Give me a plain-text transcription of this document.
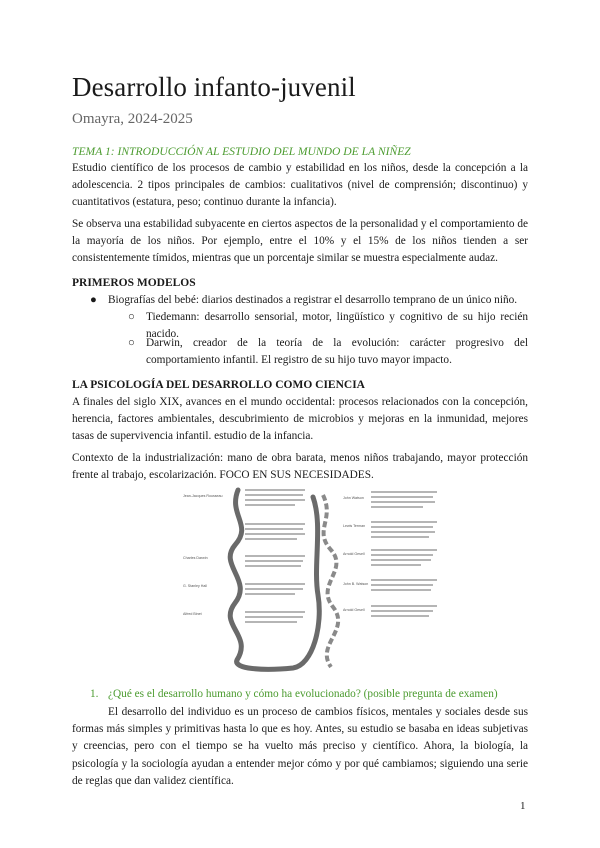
Desarrollo infanto-juvenil
Omayra, 2024-2025
TEMA 1: INTRODUCCIÓN AL ESTUDIO DEL MUNDO DE LA NIÑEZ

Estudio científico de los procesos de cambio y estabilidad en los niños, desde la concepción a la adolescencia. 2 tipos principales de cambios: cualitativos (nivel de comprensión; discontinuo) y cuantitativos (estatura, peso; continuo durante la infancia).

Se observa una estabilidad subyacente en ciertos aspectos de la personalidad y el comportamiento de la mayoría de los niños. Por ejemplo, entre el 10% y el 15% de los niños tienden a ser consistentemente tímidos, mientras que un porcentaje similar se muestra especialmente audaz.

PRIMEROS MODELOS
● Biografías del bebé: diarios destinados a registrar el desarrollo temprano de un único niño.
○ Tiedemann: desarrollo sensorial, motor, lingüístico y cognitivo de su hijo recién nacido.
○ Darwin, creador de la teoría de la evolución: carácter progresivo del comportamiento infantil. El registro de su hijo tuvo mayor impacto.
LA PSICOLOGÍA DEL DESARROLLO COMO CIENCIA

A finales del siglo XIX, avances en el mundo occidental: procesos relacionados con la concepción, herencia, factores ambientales, descubrimiento de microbios y mejoras en la inmunidad, mejores tasas de supervivencia infantil. estudio de la infancia.

Contexto de la industrialización: mano de obra barata, menos niños trabajando, mayor protección frente al trabajo, escolarización. FOCO EN SUS NECESIDADES.

Jean-Jacques Rousseau
Charles Darwin
G. Stanley Hall
Alfred Binet
John Watson
Lewis Terman
Arnold Gesell
John B. Watson
Arnold Gesell
1. ¿Qué es el desarrollo humano y cómo ha evolucionado? (posible pregunta de examen)

El desarrollo del individuo es un proceso de cambios físicos, mentales y sociales desde sus formas más simples y primitivas hasta lo que es hoy. Antes, su estudio se basaba en ideas subjetivas y creencias, pero con el tiempo se ha vuelto más preciso y científico. Ahora, la biología, la psicología y la sociología ayudan a entender mejor cómo y por qué cambiamos; siguiendo una serie de reglas que dan validez científica.

1
